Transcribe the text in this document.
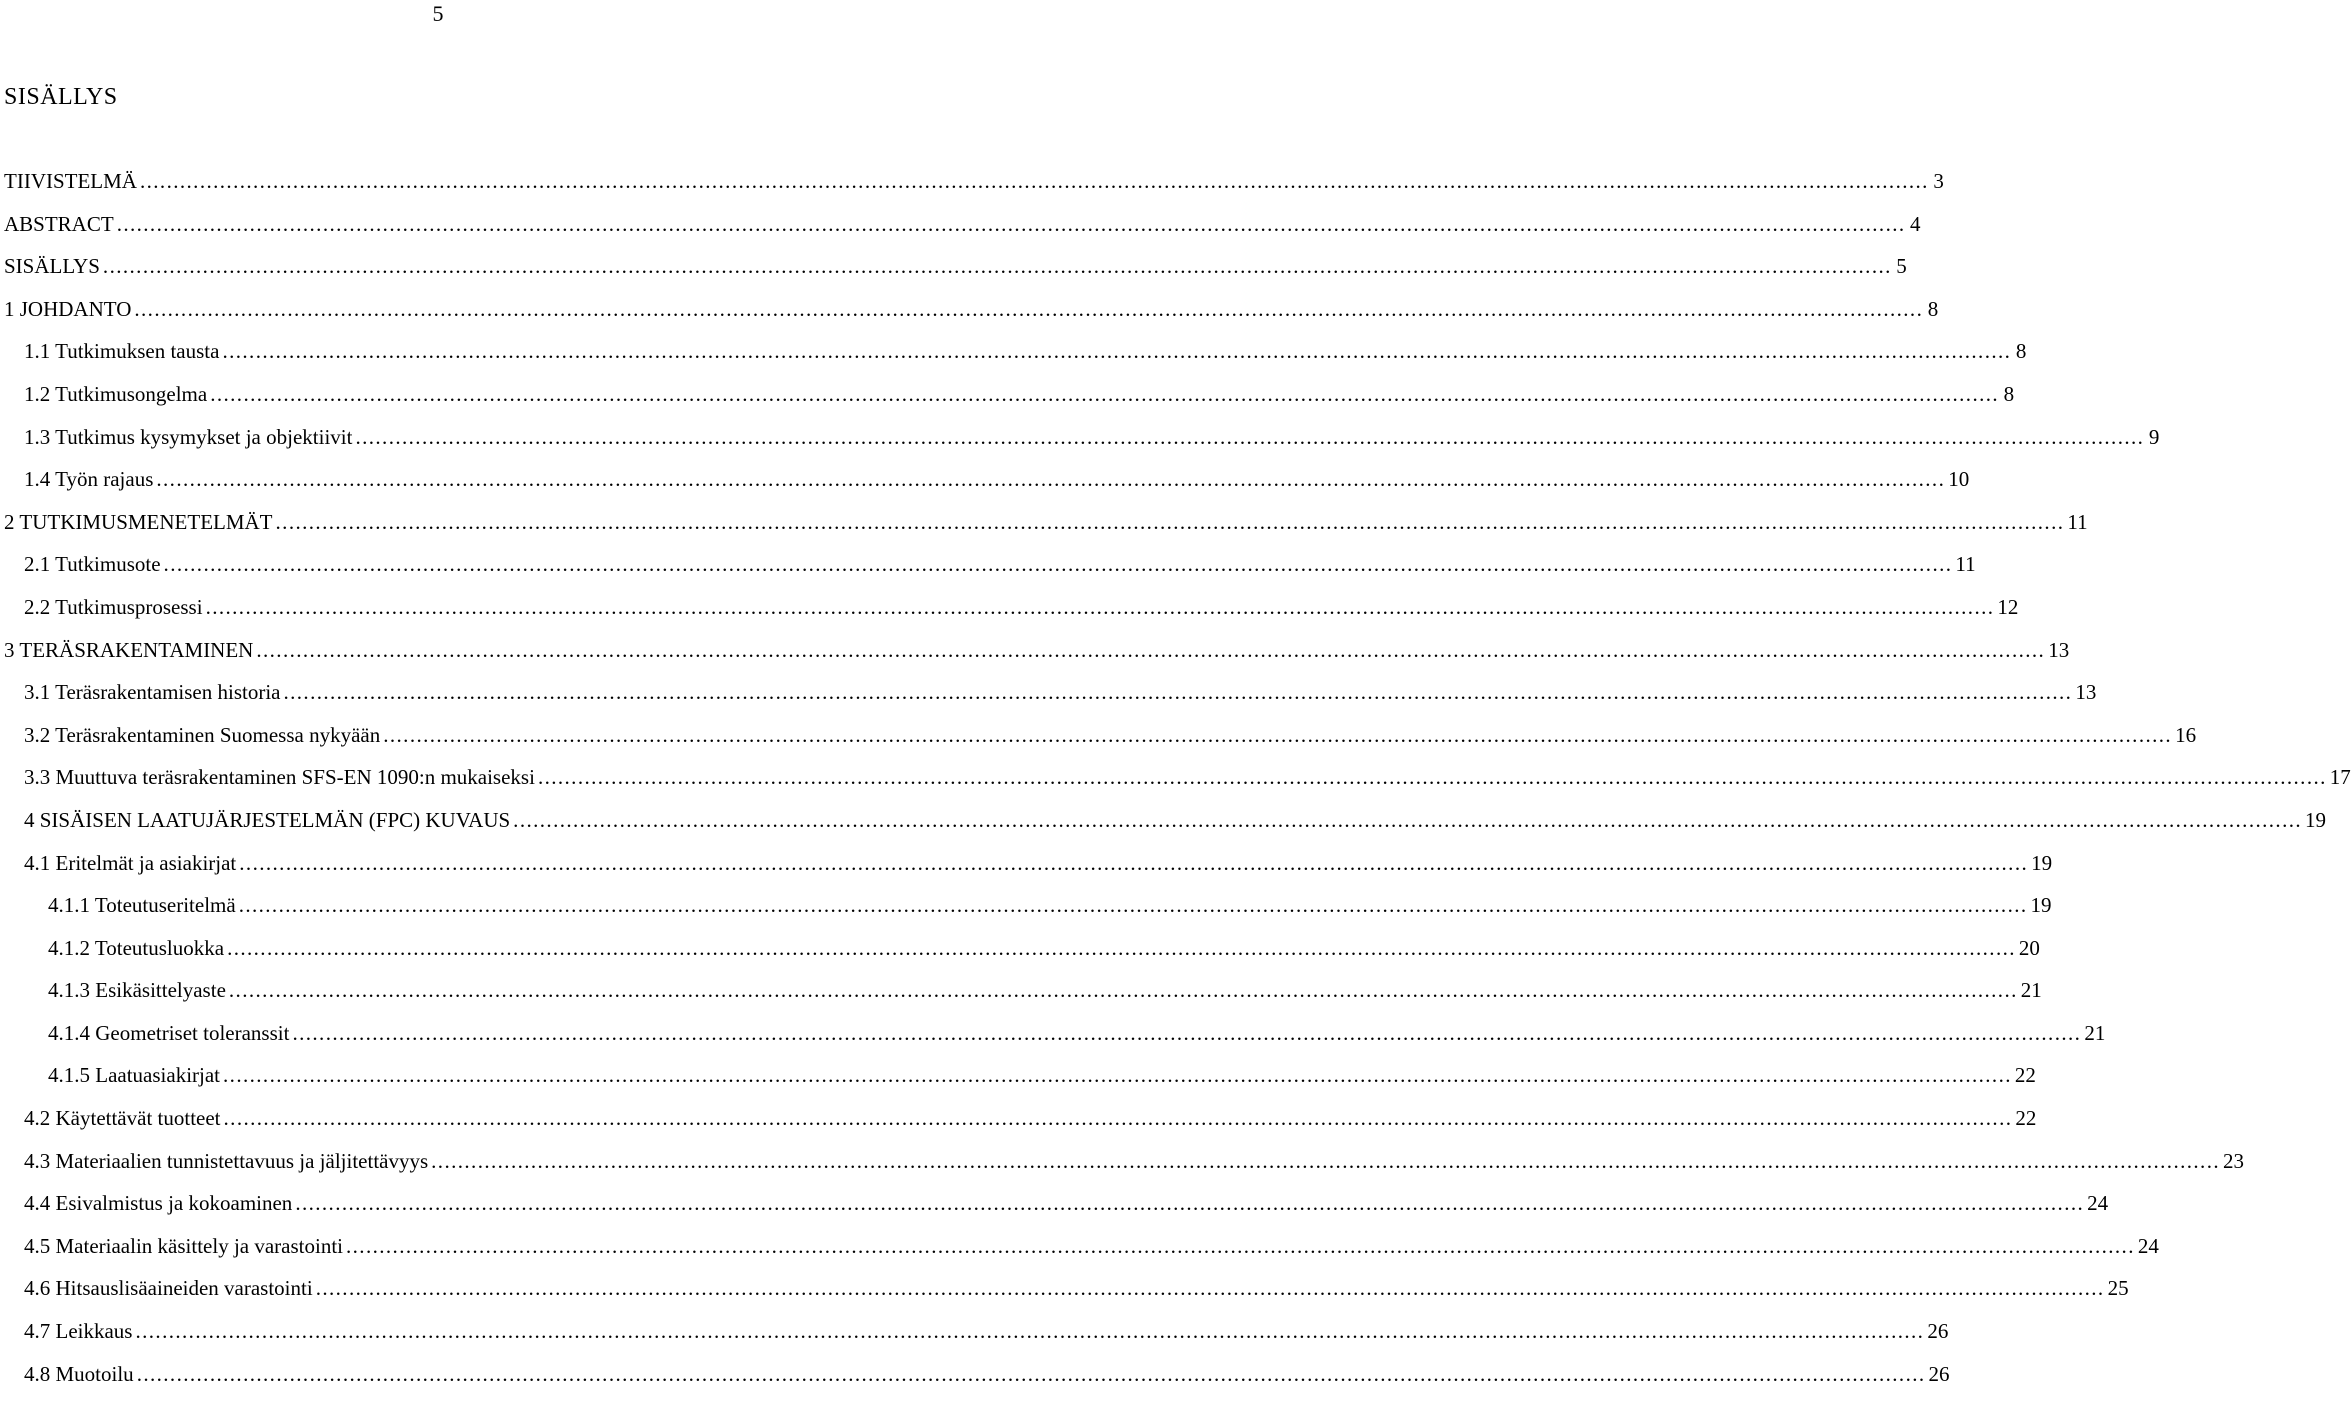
5
SISÄLLYS
TIIVISTELMÄ .....	3
ABSTRACT .....	4
SISÄLLYS .....	5
1 JOHDANTO .....	8
1.1 Tutkimuksen tausta .....	8
1.2 Tutkimusongelma .....	8
1.3 Tutkimus kysymykset ja objektiivit .....	9
1.4 Työn rajaus .....	10
2 TUTKIMUSMENETELMÄT .....	11
2.1 Tutkimusote .....	11
2.2 Tutkimusprosessi .....	12
3 TERÄSRAKENTAMINEN .....	13
3.1 Teräsrakentamisen historia .....	13
3.2 Teräsrakentaminen Suomessa nykyään .....	16
3.3 Muuttuva teräsrakentaminen SFS-EN 1090:n mukaiseksi .....	17
4 SISÄISEN LAATUJÄRJESTELMÄN (FPC) KUVAUS .....	19
4.1 Eritelmät ja asiakirjat .....	19
4.1.1 Toteutuseritelmä .....	19
4.1.2 Toteutusluokka .....	20
4.1.3 Esikäsittelyaste .....	21
4.1.4 Geometriset toleranssit .....	21
4.1.5 Laatuasiakirjat .....	22
4.2 Käytettävät tuotteet .....	22
4.3 Materiaalien tunnistettavuus ja jäljitettävyys .....	23
4.4 Esivalmistus ja kokoaminen .....	24
4.5 Materiaalin käsittely ja varastointi .....	24
4.6 Hitsauslisäaineiden varastointi .....	25
4.7 Leikkaus .....	26
4.8 Muotoilu .....	26
